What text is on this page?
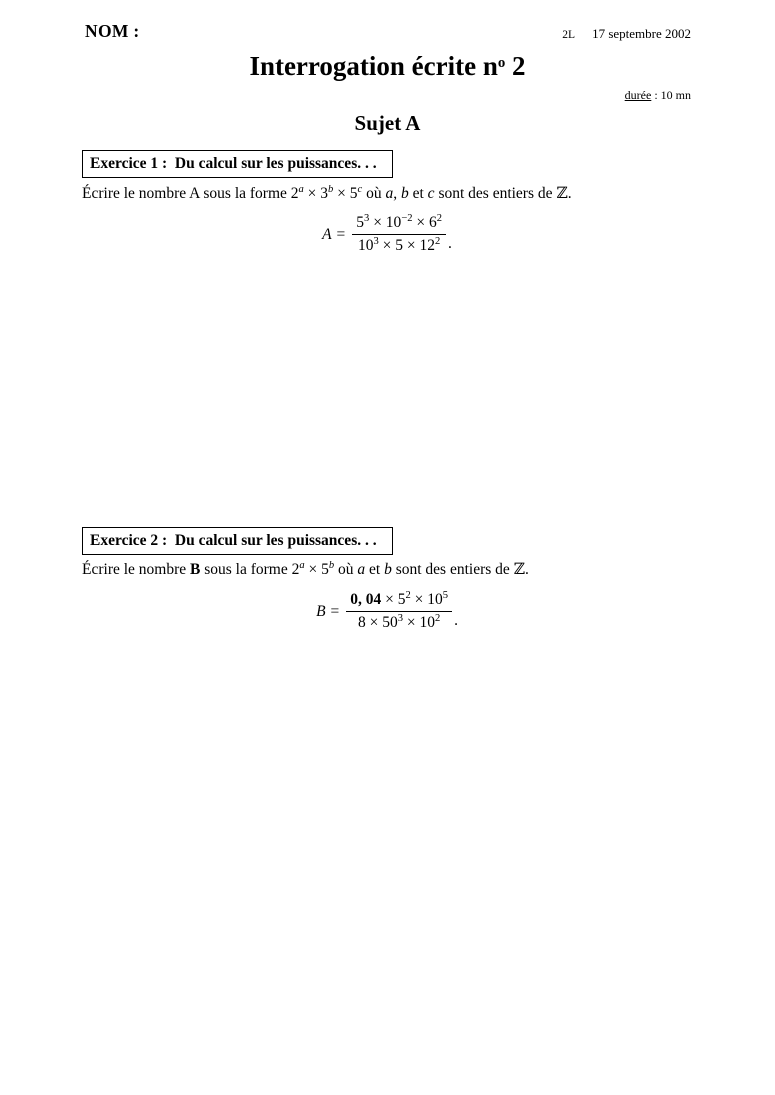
NOM :	2L 17 septembre 2002
Interrogation écrite $n^o$ 2
durée : 10 mn
Sujet A
Exercice 1 :  Du calcul sur les puissances. . .

Écrire le nombre A sous la forme $2^a \times 3^b \times 5^c$ où a, b et c sont des entiers de ℤ.

$A = \frac{5^3 \times 10^{-2} \times 6^2}{10^3 \times 5 \times 12^2}$ .
Exercice 2 :  Du calcul sur les puissances. . .

Écrire le nombre B sous la forme $2^a \times 5^b$ où a et b sont des entiers de ℤ.

$B = \frac{0, 04 \times 5^2 \times 10^5}{8 \times 50^3 \times 10^2}$ .
